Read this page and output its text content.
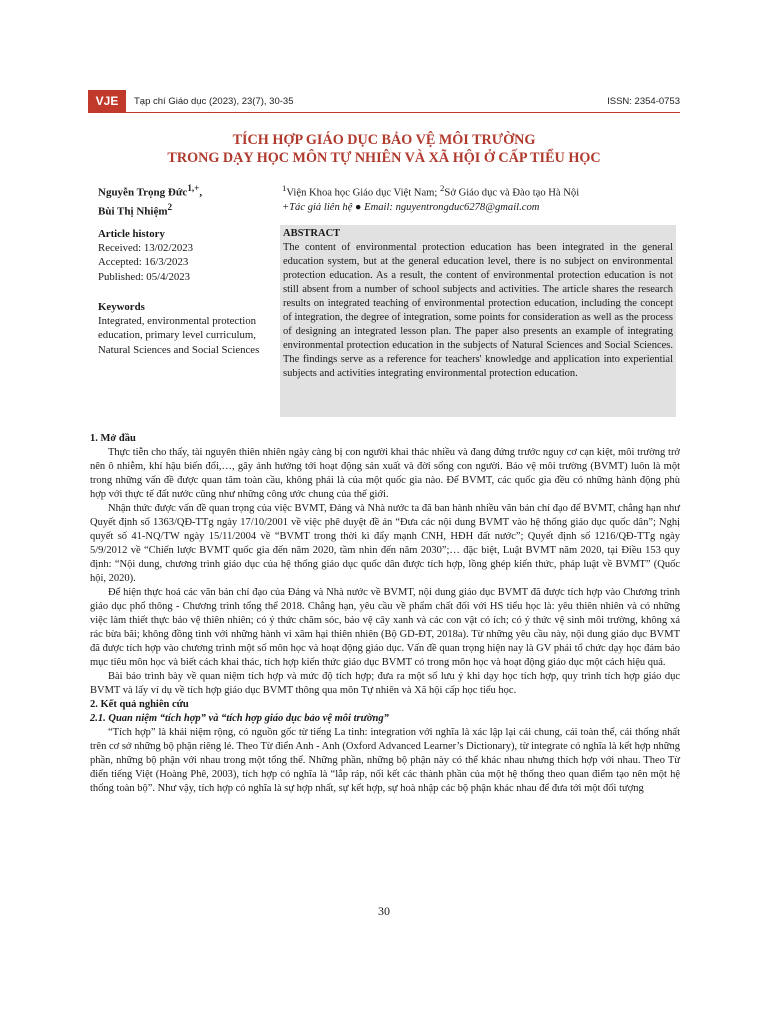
VJE	Tạp chí Giáo dục (2023), 23(7), 30-35	ISSN: 2354-0753
TÍCH HỢP GIÁO DỤC BẢO VỆ MÔI TRƯỜNG
TRONG DẠY HỌC MÔN TỰ NHIÊN VÀ XÃ HỘI Ở CẤP TIỂU HỌC
Nguyễn Trọng Đức$^{1,+}$,
Bùi Thị Nhiệm$^2$
$^1$Viện Khoa học Giáo dục Việt Nam; $^2$Sở Giáo dục và Đào tạo Hà Nội
+Tác giả liên hệ ● Email: nguyentrongduc6278@gmail.com
Article history
Received: 13/02/2023
Accepted: 16/3/2023
Published: 05/4/2023
Keywords
Integrated, environmental protection education, primary level curriculum, Natural Sciences and Social Sciences
ABSTRACT
The content of environmental protection education has been integrated in the general education system, but at the general education level, there is no subject on environmental protection education. As a result, the content of environmental protection education is not still absent from a number of school subjects and activities. The article shares the research results on integrated teaching of environmental protection education, including the concept of integration, the degree of integration, some points for consideration as well as the process of designing an integrated lesson plan. The paper also presents an example of integrating environmental protection education in the subjects of Natural Sciences and Social Sciences. The findings serve as a reference for teachers' knowledge and application into experiential subjects and activities integrating environmental protection education.

1. Mở đầu

Thực tiễn cho thấy, tài nguyên thiên nhiên ngày càng bị con người khai thác nhiều và đang đứng trước nguy cơ cạn kiệt, môi trường trở nên ô nhiễm, khí hậu biến đổi,…, gây ảnh hưởng tới hoạt động sản xuất và đời sống con người. Bảo vệ môi trường (BVMT) luôn là một trong những vấn đề được quan tâm toàn cầu, không phải là của một quốc gia nào. Để BVMT, các quốc gia đều có những hành động phù hợp với thực tế đất nước cũng như những công ước chung của thế giới.

Nhận thức được vấn đề quan trọng của việc BVMT, Đảng và Nhà nước ta đã ban hành nhiều văn bản chỉ đạo để BVMT, chẳng hạn như Quyết định số 1363/QĐ-TTg ngày 17/10/2001 về việc phê duyệt đề án “Đưa các nội dung BVMT vào hệ thống giáo dục quốc dân”; Nghị quyết số 41-NQ/TW ngày 15/11/2004 về “BVMT trong thời kì đẩy mạnh CNH, HĐH đất nước”; Quyết định số 1216/QĐ-TTg ngày 5/9/2012 về “Chiến lược BVMT quốc gia đến năm 2020, tầm nhìn đến năm 2030”;… đặc biệt, Luật BVMT năm 2020, tại Điều 153 quy định: “Nội dung, chương trình giáo dục của hệ thống giáo dục quốc dân được tích hợp, lồng ghép kiến thức, pháp luật về BVMT” (Quốc hội, 2020).

Để hiện thực hoá các văn bản chỉ đạo của Đảng và Nhà nước về BVMT, nội dung giáo dục BVMT đã được tích hợp vào Chương trình giáo dục phổ thông - Chương trình tổng thể 2018. Chẳng hạn, yêu cầu về phẩm chất đối với HS tiểu học là: yêu thiên nhiên và có những việc làm thiết thực bảo vệ thiên nhiên; có ý thức chăm sóc, bảo vệ cây xanh và các con vật có ích; có ý thức vệ sinh môi trường, không xả rác bừa bãi; không đồng tình với những hành vi xâm hại thiên nhiên (Bộ GD-ĐT, 2018a). Từ những yêu cầu này, nội dung giáo dục BVMT đã được tích hợp vào chương trình một số môn học và hoạt động giáo dục. Vấn đề quan trọng hiện nay là GV phải tổ chức dạy học đảm bảo mục tiêu môn học và biết cách khai thác, tích hợp kiến thức giáo dục BVMT có trong môn học và hoạt động giáo dục một cách hiệu quả.

Bài báo trình bày về quan niệm tích hợp và mức độ tích hợp; đưa ra một số lưu ý khi dạy học tích hợp, quy trình tích hợp giáo dục BVMT và lấy ví dụ về tích hợp giáo dục BVMT thông qua môn Tự nhiên và Xã hội cấp học tiểu học.

2. Kết quả nghiên cứu

2.1. Quan niệm “tích hợp” và “tích hợp giáo dục bảo vệ môi trường”

“Tích hợp” là khái niệm rộng, có nguồn gốc từ tiếng La tinh: integration với nghĩa là xác lập lại cái chung, cái toàn thể, cái thống nhất trên cơ sở những bộ phận riêng lẻ. Theo Từ điển Anh - Anh (Oxford Advanced Learner’s Dictionary), từ integrate có nghĩa là kết hợp những phần, những bộ phận với nhau trong một tổng thể. Những phần, những bộ phận này có thể khác nhau nhưng thích hợp với nhau. Theo Từ điển tiếng Việt (Hoàng Phê, 2003), tích hợp có nghĩa là “lắp ráp, nối kết các thành phần của một hệ thống theo quan điểm tạo nên một hệ thống toàn bộ”. Như vậy, tích hợp có nghĩa là sự hợp nhất, sự kết hợp, sự hoà nhập các bộ phận khác nhau để đưa tới một đối tượng

30
